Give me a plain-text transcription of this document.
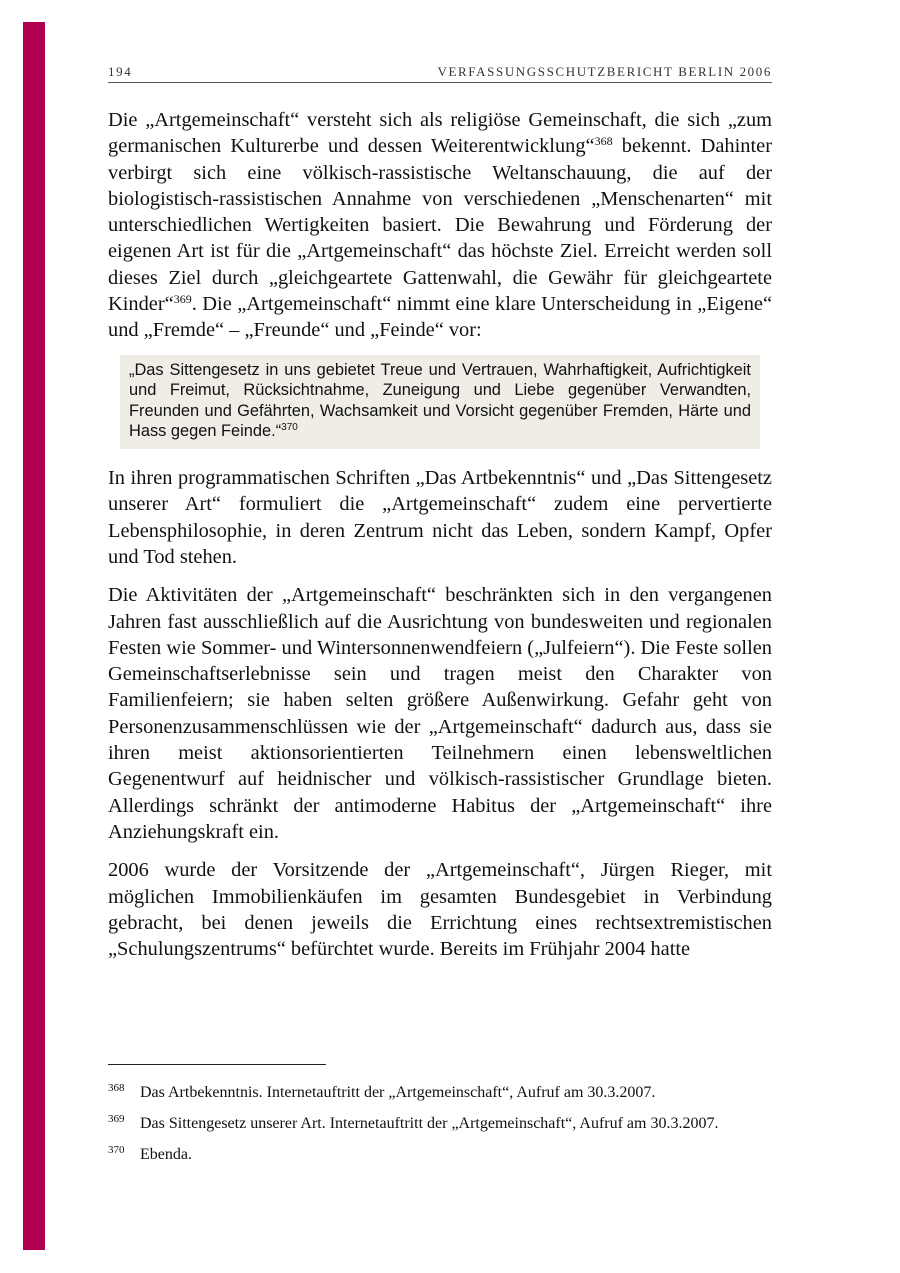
194	VERFASSUNGSSCHUTZBERICHT BERLIN 2006

Die „Artgemeinschaft“ versteht sich als religiöse Gemeinschaft, die sich „zum germanischen Kulturerbe und dessen Weiterentwicklung“$^{368}$ bekennt. Dahinter verbirgt sich eine völkisch-rassistische Weltanschauung, die auf der biologistisch-rassistischen Annahme von verschiedenen „Menschenarten“ mit unterschiedlichen Wertigkeiten basiert. Die Bewahrung und Förderung der eigenen Art ist für die „Artgemeinschaft“ das höchste Ziel. Erreicht werden soll dieses Ziel durch „gleichgeartete Gattenwahl, die Gewähr für gleichgeartete Kinder“$^{369}$. Die „Artgemeinschaft“ nimmt eine klare Unterscheidung in „Eigene“ und „Fremde“ – „Freunde“ und „Feinde“ vor:

„Das Sittengesetz in uns gebietet Treue und Vertrauen, Wahrhaftigkeit, Aufrichtigkeit und Freimut, Rücksichtnahme, Zuneigung und Liebe gegenüber Verwandten, Freunden und Gefährten, Wachsamkeit und Vorsicht gegenüber Fremden, Härte und Hass gegen Feinde.“$^{370}$

In ihren programmatischen Schriften „Das Artbekenntnis“ und „Das Sittengesetz unserer Art“ formuliert die „Artgemeinschaft“ zudem eine pervertierte Lebensphilosophie, in deren Zentrum nicht das Leben, sondern Kampf, Opfer und Tod stehen.

Die Aktivitäten der „Artgemeinschaft“ beschränkten sich in den vergangenen Jahren fast ausschließlich auf die Ausrichtung von bundesweiten und regionalen Festen wie Sommer- und Wintersonnenwendfeiern („Julfeiern“). Die Feste sollen Gemeinschaftserlebnisse sein und tragen meist den Charakter von Familienfeiern; sie haben selten größere Außenwirkung. Gefahr geht von Personenzusammenschlüssen wie der „Artgemeinschaft“ dadurch aus, dass sie ihren meist aktionsorientierten Teilnehmern einen lebensweltlichen Gegenentwurf auf heidnischer und völkisch-rassistischer Grundlage bieten. Allerdings schränkt der antimoderne Habitus der „Artgemeinschaft“ ihre Anziehungskraft ein.

2006 wurde der Vorsitzende der „Artgemeinschaft“, Jürgen Rieger, mit möglichen Immobilienkäufen im gesamten Bundesgebiet in Verbindung gebracht, bei denen jeweils die Errichtung eines rechtsextremistischen „Schulungszentrums“ befürchtet wurde. Bereits im Frühjahr 2004 hatte

368 Das Artbekenntnis. Internetauftritt der „Artgemeinschaft“, Aufruf am 30.3.2007.
369 Das Sittengesetz unserer Art. Internetauftritt der „Artgemeinschaft“, Aufruf am 30.3.2007.
370 Ebenda.
